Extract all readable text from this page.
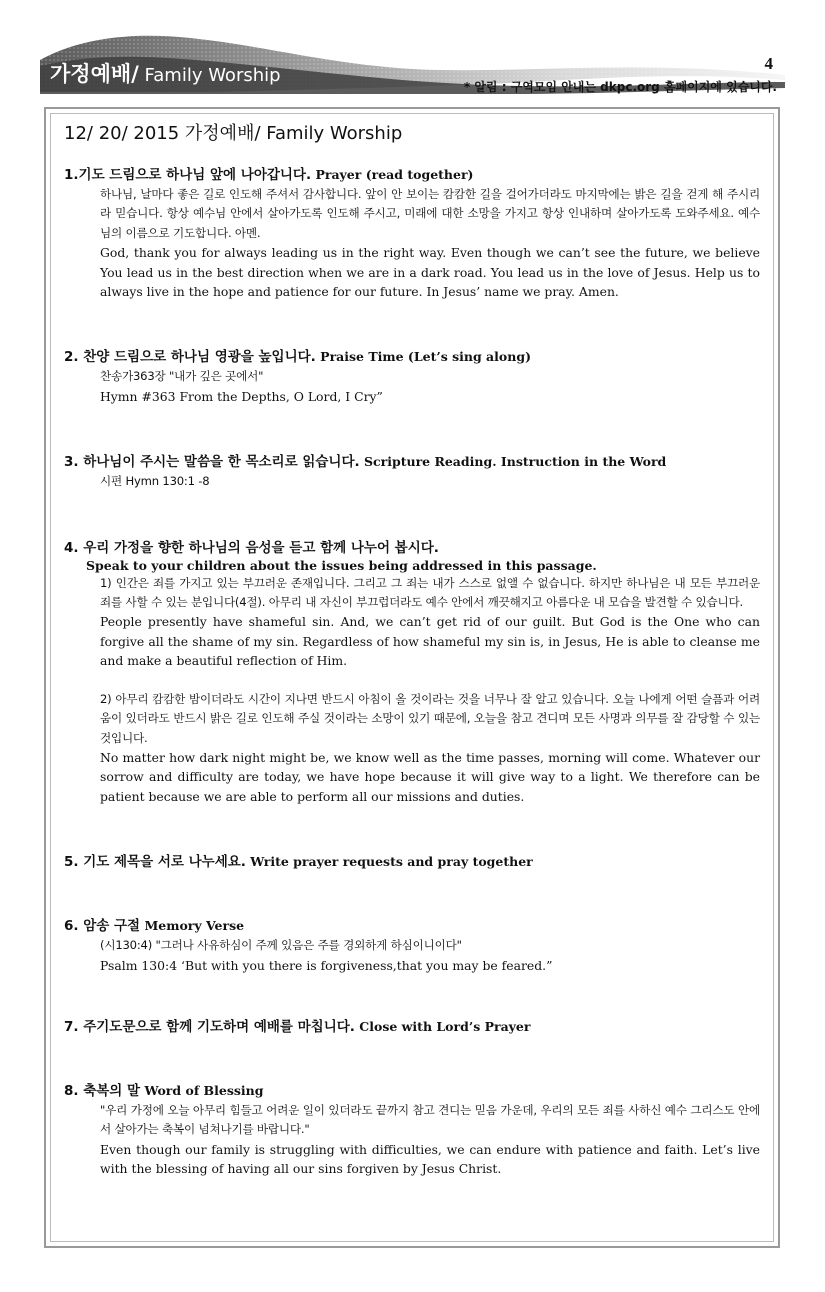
가정예배/ Family Worship
4
* 알림 : 구역모임 안내는 dkpc.org 홈페이지에 있습니다.
12/ 20/ 2015 가정예배/ Family Worship
1.기도 드림으로 하나님 앞에 나아갑니다. Prayer (read together)

하나님, 날마다 좋은 길로 인도해 주셔서 감사합니다. 앞이 안 보이는 캄캄한 길을 걸어가더라도 마지막에는 밝은 길을 걷게 해 주시리라 믿습니다. 항상 예수님 안에서 살아가도록 인도해 주시고, 미래에 대한 소망을 가지고 항상 인내하며 살아가도록 도와주세요. 예수님의 이름으로 기도합니다. 아멘.

God, thank you for always leading us in the right way. Even though we can’t see the future, we believe You lead us in the best direction when we are in a dark road. You lead us in the love of Jesus. Help us to always live in the hope and patience for our future. In Jesus’ name we pray. Amen.

2. 찬양 드림으로 하나님 영광을 높입니다. Praise Time (Let’s sing along)

찬송가363장 "내가 깊은 곳에서"

Hymn #363 From the Depths, O Lord, I Cry”

3. 하나님이 주시는 말씀을 한 목소리로 읽습니다. Scripture Reading. Instruction in the Word

시편 Hymn 130:1 -8

4. 우리 가정을 향한 하나님의 음성을 듣고 함께 나누어 봅시다.
Speak to your children about the issues being addressed in this passage.

1) 인간은 죄를 가지고 있는 부끄러운 존재입니다. 그리고 그 죄는 내가 스스로 없앨 수 없습니다. 하지만 하나님은 내 모든 부끄러운 죄를 사할 수 있는 분입니다(4절). 아무리 내 자신이 부끄럽더라도 예수 안에서 깨끗해지고 아름다운 내 모습을 발견할 수 있습니다.

People presently have shameful sin. And, we can’t get rid of our guilt. But God is the One who can forgive all the shame of my sin. Regardless of how shameful my sin is, in Jesus, He is able to cleanse me and make a beautiful reflection of Him.

2) 아무리 캄캄한 밤이더라도 시간이 지나면 반드시 아침이 올 것이라는 것을 너무나 잘 알고 있습니다. 오늘 나에게 어떤 슬픔과 어려움이 있더라도 반드시 밝은 길로 인도해 주실 것이라는 소망이 있기 때문에, 오늘을 참고 견디며 모든 사명과 의무를 잘 감당할 수 있는 것입니다.

No matter how dark night might be, we know well as the time passes, morning will come. Whatever our sorrow and difficulty are today, we have hope because it will give way to a light. We therefore can be patient because we are able to perform all our missions and duties.

5. 기도 제목을 서로 나누세요. Write prayer requests and pray together
6. 암송 구절 Memory Verse

(시130:4) "그러나 사유하심이 주께 있음은 주를 경외하게 하심이니이다"

Psalm 130:4 ‘But with you there is forgiveness,that you may be feared.”

7. 주기도문으로 함께 기도하며 예배를 마칩니다. Close with Lord’s Prayer
8. 축복의 말 Word of Blessing

"우리 가정에 오늘 아무리 힘들고 어려운 일이 있더라도 끝까지 참고 견디는 믿음 가운데, 우리의 모든 죄를 사하신 예수 그리스도 안에서 살아가는 축복이 넘쳐나기를 바랍니다."

Even though our family is struggling with difficulties, we can endure with patience and faith. Let’s live with the blessing of having all our sins forgiven by Jesus Christ.
